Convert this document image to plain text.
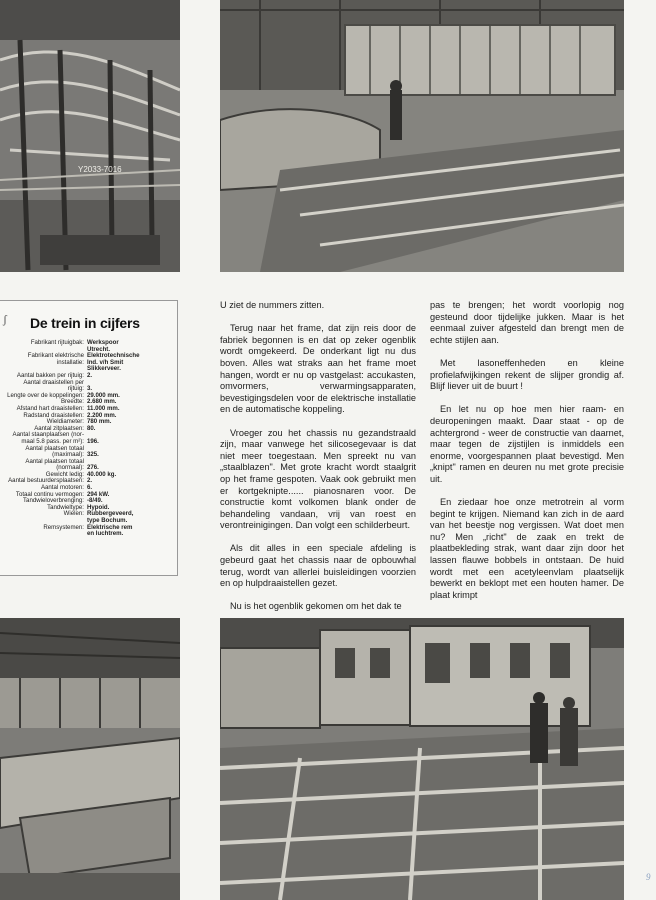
Y2033-7016
De trein in cijfers
Fabrikant rijtuigbak: Werkspoor
Utrecht.
Fabrikant elektrische Elektrotechnische
installatie: Ind. v/h Smit
Slikkerveer.
Aantal bakken per rijtuig: 2.
Aantal draaistellen per
rijtuig: 3.
Lengte over de koppelingen: 29.000 mm.
Breedte: 2.680 mm.
Afstand hart draaistellen: 11.000 mm.
Radstand draaistellen: 2.200 mm.
Wieldiameter: 780 mm.
Aantal zitplaatsen: 80.
Aantal staanplaatsen (nor-
maal 5.8 pass. per m²): 196.
Aantal plaatsen totaal
(maximaal): 325.
Aantal plaatsen totaal
(normaal): 276.
Gewicht ledig: 40.000 kg.
Aantal bestuurdersplaatsen: 2.
Aantal motoren: 6.
Totaal continu vermogen: 294 kW.
Tandwieloverbrenging: -8/49.
Tandwieltype: Hypoid.
Wielen: Rubbergeveerd,
type Bochum.
Remsystemen: Elektrische rem
en luchtrem.
ʃ

U ziet de nummers zitten.

Terug naar het frame, dat zijn reis door de fabriek begonnen is en dat op zeker ogenblik wordt omgekeerd. De onderkant ligt nu dus boven. Alles wat straks aan het frame moet hangen, wordt er nu op vastgelast: accukasten, omvormers, verwarmingsapparaten, bevestigingsdelen voor de elektrische installatie en de automatische koppeling.

Vroeger zou het chassis nu gezandstraald zijn, maar vanwege het silicosegevaar is dat niet meer toegestaan. Men spreekt nu van „staalblazen". Met grote kracht wordt staalgrit op het frame gespoten. Vaak ook gebruikt men er kortgeknipte...... pianosnaren voor. De constructie komt volkomen blank onder de behandeling vandaan, vrij van roest en verontreinigingen. Dan volgt een schilderbeurt.

Als dit alles in een speciale afdeling is gebeurd gaat het chassis naar de opbouwhal terug, wordt van allerlei buisleidingen voorzien en op hulpdraaistellen gezet.

Nu is het ogenblik gekomen om het dak te

pas te brengen; het wordt voorlopig nog gesteund door tijdelijke jukken. Maar is het eenmaal zuiver afgesteld dan brengt men de echte stijlen aan.

Met lasoneffenheden en kleine profielafwijkingen rekent de slijper grondig af. Blijf liever uit de buurt !

En let nu op hoe men hier raam- en deuropeningen maakt. Daar staat - op de achtergrond - weer de constructie van daarnet, maar tegen de zijstijlen is inmiddels een enorme, voorgespannen plaat bevestigd. Men „knipt" ramen en deuren nu met grote precisie uit.

En ziedaar hoe onze metrotrein al vorm begint te krijgen. Niemand kan zich in de aard van het beestje nog vergissen. Wat doet men nu? Men „richt" de zaak en trekt de plaatbekleding strak, want daar zijn door het lassen flauwe bobbels in ontstaan. De huid wordt met een acetyleenvlam plaatselijk bewerkt en beklopt met een houten hamer. De plaat krimpt

9
